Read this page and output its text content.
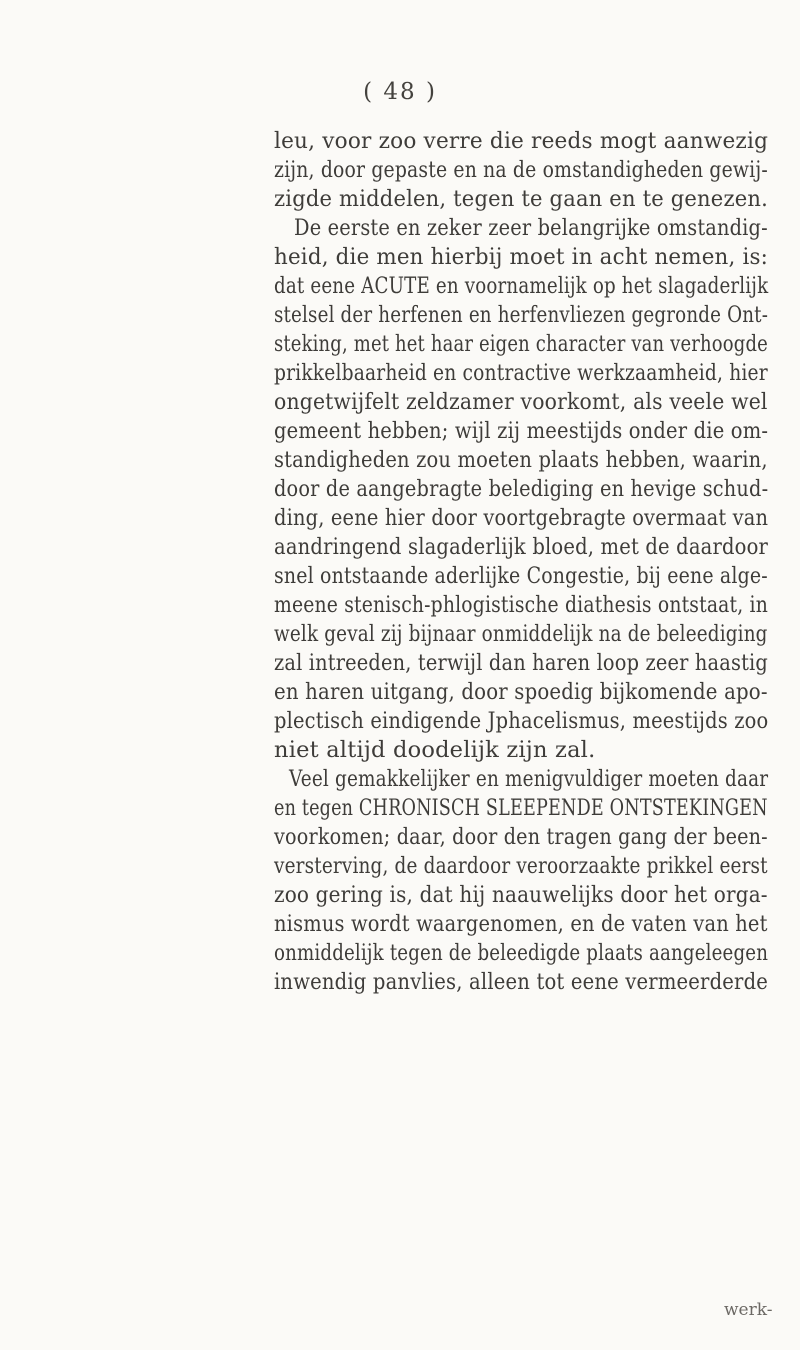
( 48 )
leu, voor zoo verre die reeds mogt aanwezig
zijn, door gepaste en na de omstandigheden gewij-
zigde middelen, tegen te gaan en te genezen.
De eerste en zeker zeer belangrijke omstandig-
heid, die men hierbij moet in acht nemen, is:
dat eene ACUTE en voornamelijk op het slagaderlijk
stelsel der herfenen en herfenvliezen gegronde Ont-
steking, met het haar eigen character van verhoogde
prikkelbaarheid en contractive werkzaamheid, hier
ongetwijfelt zeldzamer voorkomt, als veele wel
gemeent hebben; wijl zij meestijds onder die om-
standigheden zou moeten plaats hebben, waarin,
door de aangebragte belediging en hevige schud-
ding, eene hier door voortgebragte overmaat van
aandringend slagaderlijk bloed, met de daardoor
snel ontstaande aderlijke Congestie, bij eene alge-
meene stenisch-phlogistische diathesis ontstaat, in
welk geval zij bijnaar onmiddelijk na de beleediging
zal intreeden, terwijl dan haren loop zeer haastig
en haren uitgang, door spoedig bijkomende apo-
plectisch eindigende Jphacelismus, meestijds zoo
niet altijd doodelijk zijn zal.
Veel gemakkelijker en menigvuldiger moeten daar
en tegen CHRONISCH SLEEPENDE ONTSTEKINGEN
voorkomen; daar, door den tragen gang der been-
versterving, de daardoor veroorzaakte prikkel eerst
zoo gering is, dat hij naauwelijks door het orga-
nismus wordt waargenomen, en de vaten van het
onmiddelijk tegen de beleedigde plaats aangeleegen
inwendig panvlies, alleen tot eene vermeerderde
werk-
